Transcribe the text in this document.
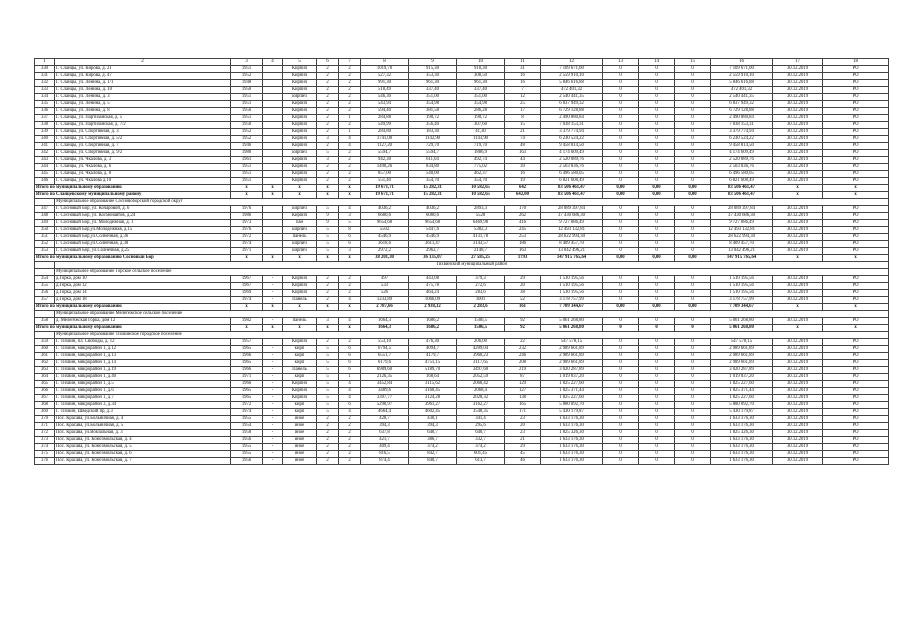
1	2	3	4	5	6	7	8	9	10	11	12	13	14	15	16	17	18
330	Г. Сланцы, ул. Кирова, д. 21	1951		Кирпич	2	2	1019,70	915,30	918,30	31	7 109 671,00	0	0	0	7 109 671,00	30.12.2019	РО
331	Г. Сланцы, ул. Кирова, д. 47	1952		Кирпич	2	2	527,32	353,30	308,50	16	2 559 910,10	0	0	0	2 559 910,10	30.12.2019	РО
332	Г. Сланцы, ул. Ленина, д. 1/1	1948		Кирпич	2	2	991,30	961,30	961,30	16	5 846 616,88	0	0	0	5 846 616,88	30.12.2019	РО
333	Г. Сланцы, ул. Ленина, д. 10	1950		Кирпич	2	2	518,49	337,40	337,40	7	472 401,32	0	0	0	472 401,32	30.12.2019	РО
334	Г. Сланцы, ул. Ленина, д. 3	1951		кирпич	2	2	546,30	351,00	351,00	12	2 540 441,35	0	0	0	2 540 441,35	30.12.2019	РО
335	Г. Сланцы, ул. Ленина, д. 5	1951		Кирпич	2	2	543,94	354,98	354,98	25	6 837 949,32	0	0	0	6 837 949,32	30.12.2019	РО
336	Г. Сланцы, ул. Ленина, д. 8	1950		Кирпич	2	2	594,40	381,58	286,28	17	6 729 128,88	0	0	0	6 729 128,88	30.12.2019	РО
337	Г. Сланцы, ул. Партизанская, д. 5	1951		Кирпич	2	1	284,88	190,72	190,72	8	2 490 880,84	0	0	0	2 490 880,84	30.12.2019	РО
338	Г. Сланцы, ул. Партизанская, д. 7/2	1950		Кирпич	2	2	549,99	356,40	307,60	15	7 038 153,31	0	0	0	7 038 153,31	30.12.2019	РО
339	Г. Сланцы, ул. Спортивная, д. 3	1952		Кирпич	2	1	284,80	183,30	41,30	21	3 379 774,94	0	0	0	3 379 774,94	30.12.2019	РО
340	Г. Сланцы, ул. Спортивная, д. 5/2	1952		Кирпич	3	4	1741,00	1142,90	1143,90	74	6 230 524,22	0	0	0	6 230 524,22	30.12.2019	РО
341	Г. Сланцы, ул. Спортивная, д. 7	1946		Кирпич	2	4	1127,20	729,70	719,70	48	9 458 814,50	0	0	0	9 458 814,50	30.12.2019	РО
342	Г. Сланцы, ул. Спортивная, д. 9/2	1988		кирпич	5	2	5594,7	5594,7	1886,9	163	4 174 609,49	0	0	0	4 174 609,49	30.12.2019	РО
343	Г. Сланцы, ул. Чкалова, д. 3	1961		Кирпич	3	2	942,30	611,04	492,74	44	2 520 089,76	0	0	0	2 520 089,76	30.12.2019	РО
344	Г. Сланцы, ул. Чкалова, д. 6	1951		Кирпич	2	2	1490,26	834,80	775,02	39	2 503 836,76	0	0	0	2 503 836,76	30.12.2019	РО
345	Г. Сланцы, ул. Чкалова, д. 8	1951		Кирпич	2	2	857,00	540,00	462,37	16	6 496 580,05	0	0	0	6 496 580,05	30.12.2019	РО
346	Г. Сланцы, ул. Чкалова д.10	1951		Кирпич	2	2	551,40	354,70	354,70	19	6 821 608,49	0	0	0	6 821 608,49	30.12.2019	РО
Итого по муниципальному образованию		x	x	x	x	x	19 671,71	15 282,31	10 582,65	642	83 506 461,47	0,00	0,00	0,00	83 506 461,47	x	x
Итого по Сланцевскому муниципальному району		x	x	x	x	x	19 671,71	15 282,31	10 582,65	642,00	83 506 461,47	0,00	0,00	0,00	83 506 461,47	x	x
	Муниципальное образование Сосновоборский городской округ																
347	Г. Сосновый Бор, ул. Кочаровой, д. 6	1976		кирпич	5	4	4036,2	4036,2	2893,3	170	28 089 397,84	0	0	0	28 089 397,84	30.12.2019	РО
348	Г. Сосновый Бор, ул. Космонавтов, д.24	1986		Кирпич	9	3	6680,6	6080,6	5528	262	37 430 686,30	0	0	0	37 430 686,30	30.12.2019	РО
349	Г. Сосновый Бор, ул. Молодежная, д. 1	1973		пан	9	5	9654,68	9654,68	6469,98	416	9 727 086,49	0	0	0	9 727 086,49	30.12.2019	РО
350	Г. Сосновый Бор,ул.Молодежная, д.15	1976		кирпич	5	8	5502	5447,6	5382,3	245	12 493 132,81	0	0	0	12 493 132,81	30.12.2019	РО
351	Г. Сосновый Бор,ул.Солнечная, д.36	1972		панель	5	6	4546,9	4546,9	4131,78	253	28 622 994,30	0	0	0	28 622 994,30	30.12.2019	РО
352	Г. Сосновый Бор,ул.Солнечная, д.38	1974		кирпич	5	6	3618,6	3611,47	3143,57	186	8 409 457,70	0	0	0	8 409 457,70	30.12.2019	РО
353	Г. Сосновый Бор, ул.Солнечная, д.25	1971		кирпич	5	3	2972,2	2962,7	2148,7	163	13 042 496,21	0	0	0	13 042 496,21	30.12.2019	РО
Итого по муниципальному образованию Сосновый Бор		x	x	x	x	x	38 201,30	36 135,07	27 585,25	1793	147 915 765,64	0,00	0,00	0,00	147 915 765,64	x	x
	Тихвинский муниципальный район																
	Муниципальное образование Горское сельское поселение																
354	д.Горка, дом 10	1967	-	Кирпич	2	2	497	443,08	379,3	29	1 510 195,56	0	0	0	1 510 195,56	30.12.2019	РО
355	д.Горка, дом 12	1967	-	Кирпич	2	2	533	475,78	272,6	20	1 510 195,56	0	0	0	1 510 195,56	30.12.2019	РО
356	д.Горка, дом 14	1969	-	Кирпич	2	2	526	464,24	283,6	38	1 510 195,56	0	0	0	1 510 195,56	30.12.2019	РО
357	д.Горка, дом 18	1974	-	Панель	2	4	1233,89	1066,09	1001	52	3 178 757,99	0	0	0	3 178 757,99	30.12.2019	РО
Итого по муниципальному образованию		x	x	x	x	x	2 787,66	2 938,32	2 283,6	161	7 709 344,67	0,00	0,00	0,00	7 709 344,67	x	x
	Муниципальное образование Мелегежское сельское поселение																
358	д. Мелегежская Горка, дом 12	1982	-	панель	3	4	1664,3	1686,2	1506,5	92	5 061 268,80	0	0	0	5 061 268,80	30.12.2019	РО
Итого по муниципальному образованию		x	x	x	x	x	1664,3	1686,2	1506,5	92	5 061 268,80	0	0	0	5 061 268,80	x	x
	Муниципальное образование Тихвинское городское поселение																
359	Г. Тихвин, пл. Свободы, д. 12	1957		Кирпич	2	2	553,10	476,30	206,00	22	547 578,15	0	0	0	547 578,15	30.12.2019	РО
360	Г. Тихвин, микрорайон 1, д.12	1965	-	кирп	5	6	6794,5	4094,7	4209,04	232	2 989 661,89	0	0	0	2 989 661,89	30.12.2019	РО
361	Г. Тихвин, микрорайон 1, д.13	1966	-	кирп	5	6	6551,7	4179,7	3960,23	246	2 989 661,89	0	0	0	2 989 661,89	30.12.2019	РО
362	Г. Тихвин, микрорайон 1, д.14	1965	-	кирп	5	6	6179,6	4751,15	3117,65	208	2 989 661,89	0	0	0	2 989 661,89	30.12.2019	РО
363	Г. Тихвин, микрорайон 1, д.19	1966	-	Панель	5	6	6989,60	5189,70	3497,60	219	3 020 287,89	0	0	0	3 020 287,89	30.12.2019	РО
364	Г. Тихвин, микрорайон 1, д.40	1971	-	кирп	5	1	2126,35	168,64	2052,59	87	1 019 837,20	0	0	0	1 019 837,20	30.12.2019	РО
365	Г. Тихвин, микрорайон 1, д.5	1966	-	Кирпич	5	4	3452,84	3115,62	2068,42	129	1 825 227,60	0	0	0	1 825 227,60	30.12.2019	РО
366	Г. Тихвин, микрорайон 1, д.6	1965	-	Кирпич	5	4	3489,6	3160,45	2068,4	127	1 825 371,44	0	0	0	1 825 371,44	30.12.2019	РО
367	Г. Тихвин, микрорайон 1, д.7	1965	-	Кирпич	5	4	3397,77	3124,28	2028,32	138	1 825 227,60	0	0	0	1 825 227,60	30.12.2019	РО
368	Г. Тихвин, микрорайон 3, д.34	1972	-	кирп	5	6	5298,97	3961,27	3162,27	165	5 880 092,70	0	0	0	5 880 092,70	30.12.2019	РО
369	Г. Тихвин, Шведский пр, д.3	1974	-	кирп	5	4	4664,4	4602,45	3548,35	171	5 430 179,87	0	0	0	5 430 179,87	30.12.2019	РО
370	Пос. Красава, ул.Больничная, д. 4	1955	-	иное	2	2	428,7	430,1	341,4	23	1 633 176,30	0	0	0	1 633 176,30	30.12.2019	РО
371	Пос. Красава, ул.Больничная, д. 5	1954	-	иное	2	2	394,3	394,3	295,6	20	1 633 176,30	0	0	0	1 633 176,30	30.12.2019	РО
372	Пос. Красава, ул.Вокзальная, д. 3	1958	-	иное	2	2	637,8	640,7	640,7	23	1 825 326,30	0	0	0	1 825 326,30	30.12.2019	РО
373	Пос. Красава, ул. Комсомольская, д. 4	1956	-	иное	2	2	421,7	386,7	332,7	21	1 633 176,30	0	0	0	1 633 176,30	30.12.2019	РО
374	Пос. Красава, ул. Комсомольская, д. 5	1955	-	иное	2	2	409,4	374,2	374,2	29	1 633 176,30	0	0	0	1 633 176,30	30.12.2019	РО
375	Пос. Красава, ул. Комсомольская, д. 6	1955	-	иное	2	2	816,5	842,7	601,45	45	1 633 176,30	0	0	0	1 633 176,30	30.12.2019	РО
376	Пос. Красава, ул. Комсомольская, д. 7	1956	-	иное	2	2	874,4	840,7	613,7	46	1 633 176,30	0	0	0	1 633 176,30	30.12.2019	РО
